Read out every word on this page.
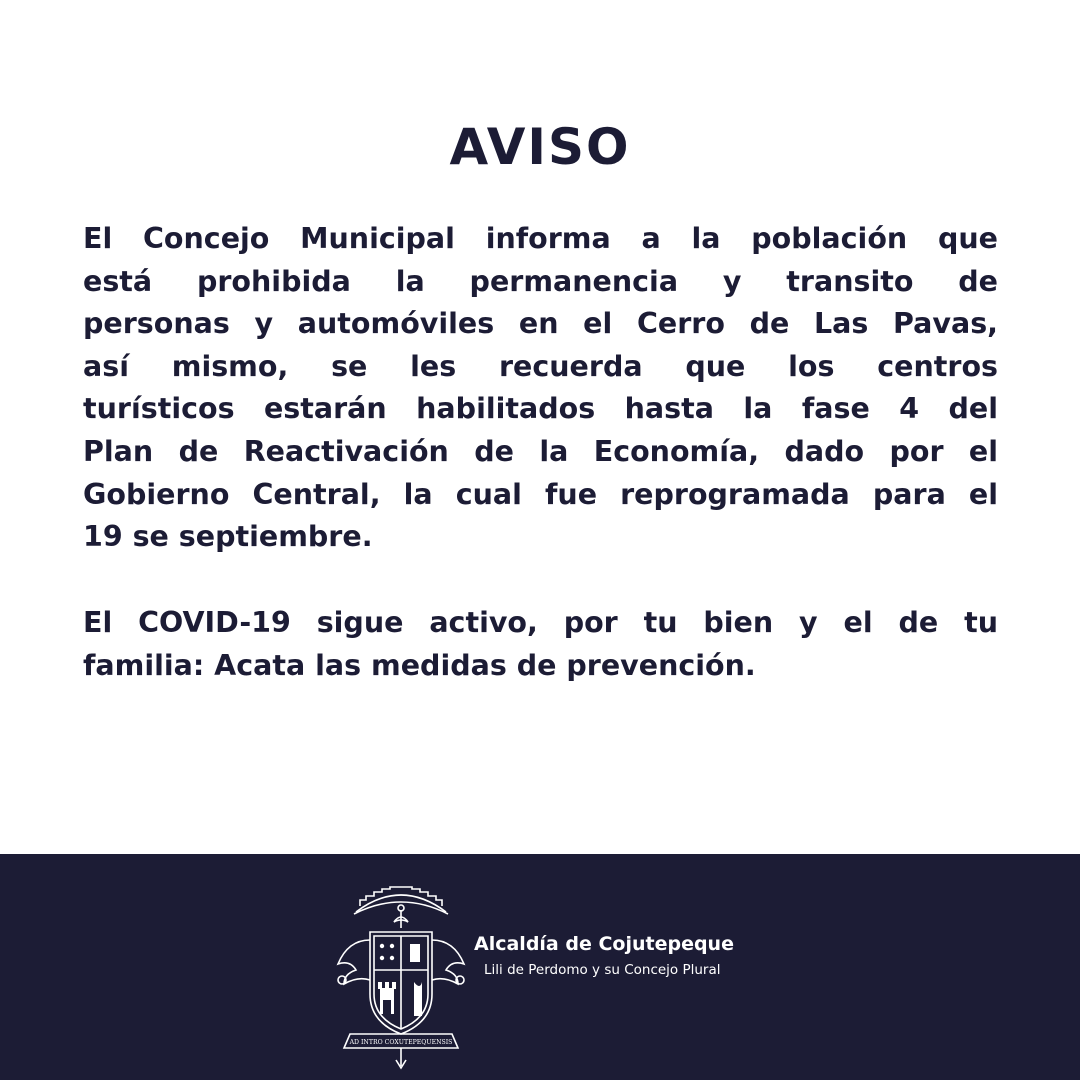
AVISO

El Concejo Municipal informa a la población que
está prohibida la permanencia y transito de
personas y automóviles en el Cerro de Las Pavas,
así mismo, se les recuerda que los centros
turísticos estarán habilitados hasta la fase 4 del
Plan de Reactivación de la Economía, dado por el
Gobierno Central, la cual fue reprogramada para el
19 se septiembre.

El COVID-19 sigue activo, por tu bien y el de tu
familia: Acata las medidas de prevención.

AD INTRO COXUTEPEQUENSIS

Alcaldía de Cojutepeque

Lili de Perdomo y su Concejo Plural
